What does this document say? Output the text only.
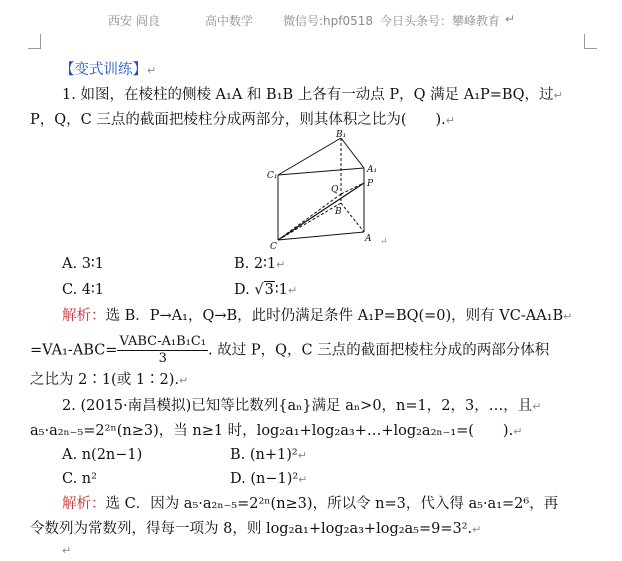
西安 阎良	高中数学 微信号:hpf0518 今日头条号：攀峰教育 ↵
【变式训练】↵
1. 如图，在棱柱的侧棱 A₁A 和 B₁B 上各有一动点 P，Q 满足 A₁P=BQ，过↵
P，Q，C 三点的截面把棱柱分成两部分，则其体积之比为(　　).↵
B₁
C₁
A₁
P
Q
B
C
A ↵
A. 3∶1	B. 2∶1↵
C. 4∶1	D. √3∶1↵
解析：选 B．P→A₁，Q→B，此时仍满足条件 A₁P=BQ(=0)，则有 VC-AA₁B↵
$=VA_1-ABC= \frac{\text{VABC-A₁B₁C₁}}{3}$ . 故过 P，Q，C 三点的截面把棱柱分成的两部分体积
之比为 2∶1(或 1∶2).↵
2. (2015·南昌模拟)已知等比数列{aₙ}满足 aₙ>0，n=1，2，3，…，且↵
a₅·a₂ₙ₋₅=2²ⁿ(n≥3)，当 n≥1 时，log₂a₁+log₂a₃+…+log₂a₂ₙ₋₁=(　　).↵
A. n(2n−1)	B. (n+1)²↵
C. n²	D. (n−1)²↵
解析：选 C．因为 a₅·a₂ₙ₋₅=2²ⁿ(n≥3)，所以令 n=3，代入得 a₅·a₁=2⁶，再
令数列为常数列，得每一项为 8，则 log₂a₁+log₂a₃+log₂a₅=9=3².↵
↵
